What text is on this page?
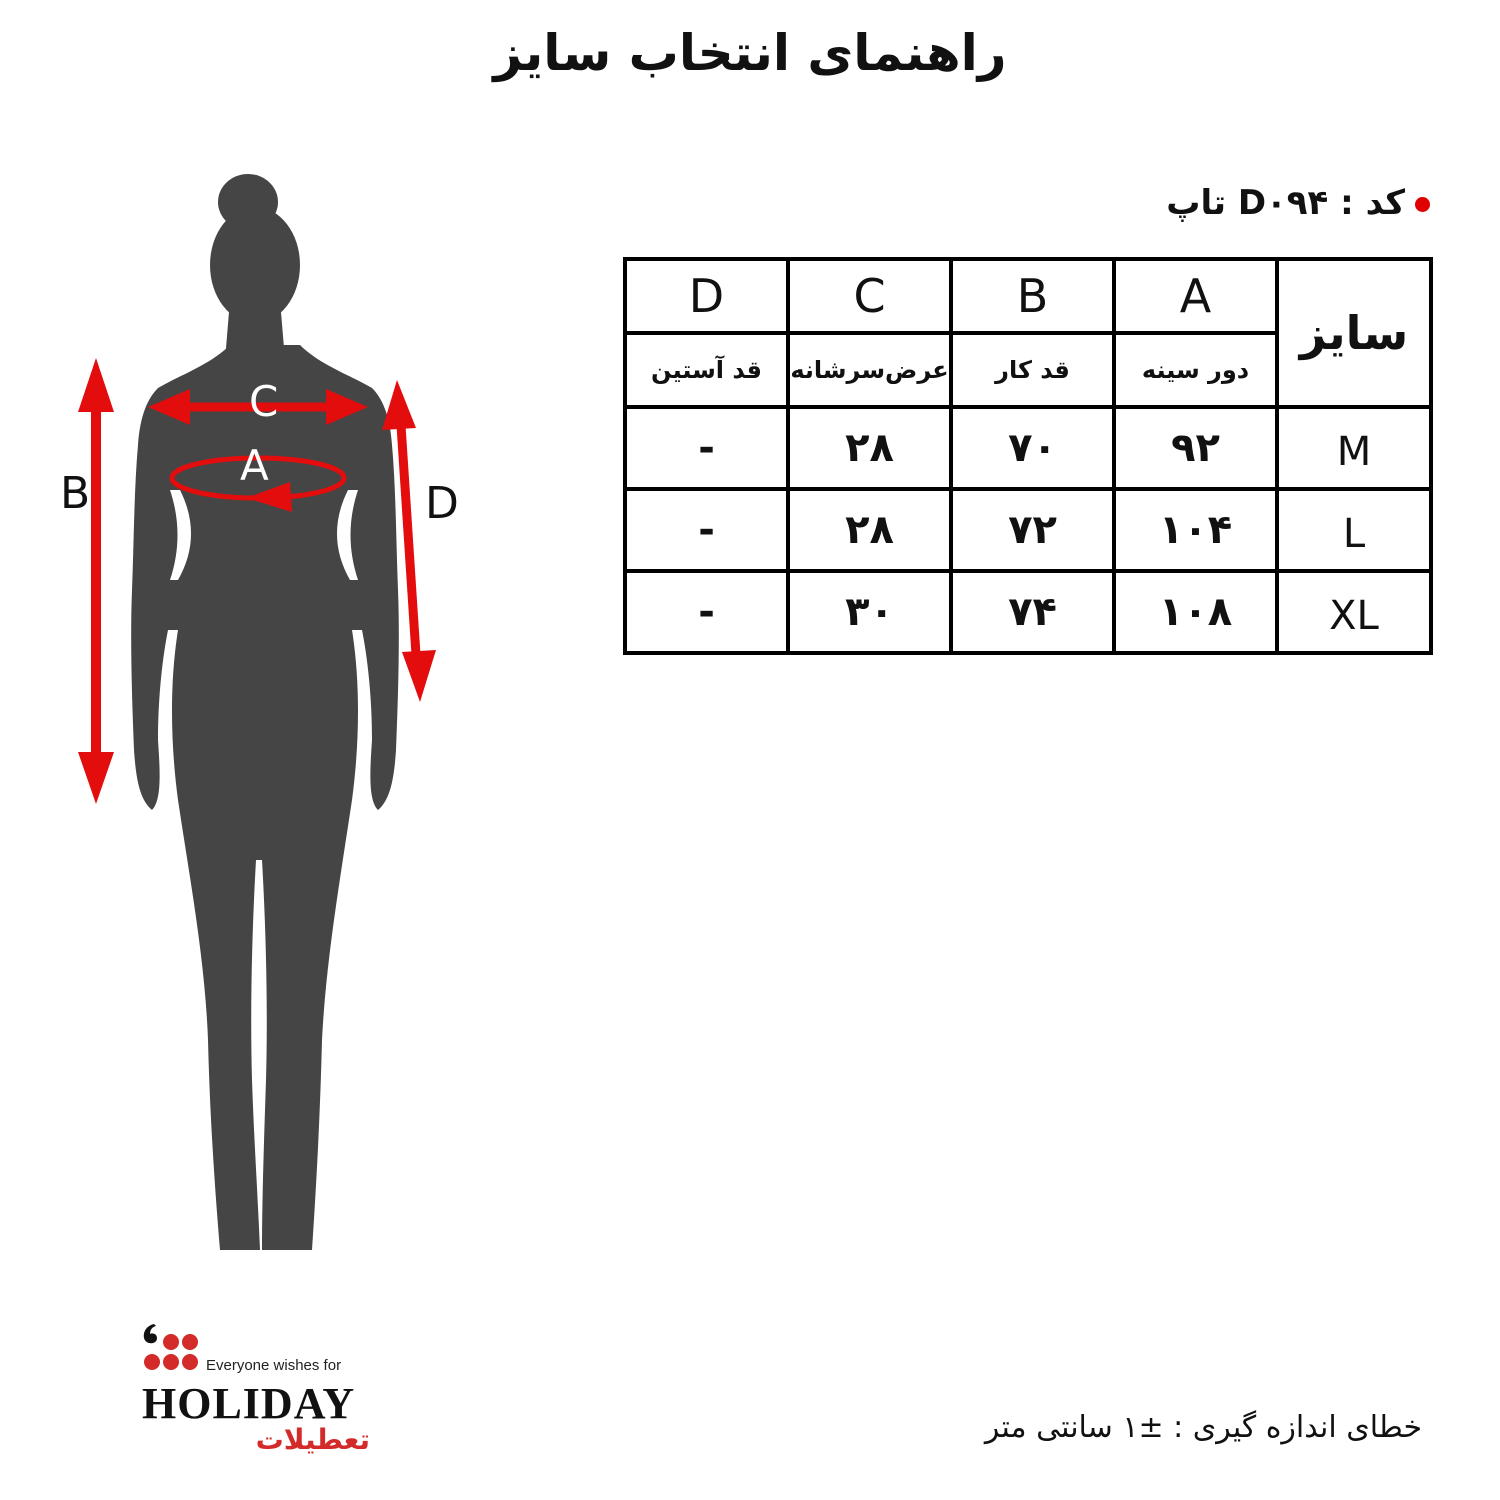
راهنمای انتخاب سایز
B	D
C
A
کد : D۰۹۴ تاپ
سایز	A	B	C	D
	دور سینه	قد کار	عرض‌سرشانه	قد آستین
M	۹۲	۷۰	۲۸	-
L	۱۰۴	۷۲	۲۸	-
XL	۱۰۸	۷۴	۳۰	-
Everyone wishes for
HOLIDAY
تعطیلات	خطای اندازه گیری : ±۱ سانتی متر
